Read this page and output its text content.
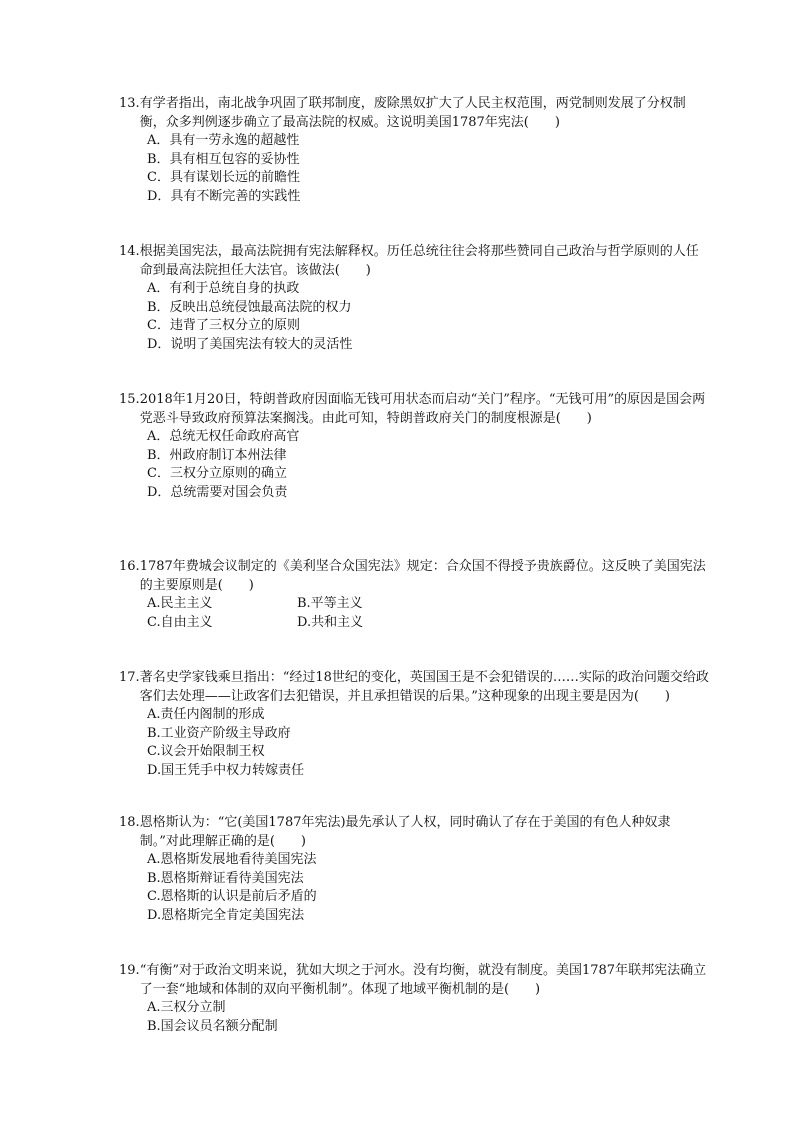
13. 有学者指出，南北战争巩固了联邦制度，废除黑奴扩大了人民主权范围，两党制则发展了分权制衡，众多判例逐步确立了最高法院的权威。这说明美国1787年宪法(　　)
A．具有一劳永逸的超越性
B．具有相互包容的妥协性
C．具有谋划长远的前瞻性
D．具有不断完善的实践性
14. 根据美国宪法，最高法院拥有宪法解释权。历任总统往往会将那些赞同自己政治与哲学原则的人任命到最高法院担任大法官。该做法(　　)
A．有利于总统自身的执政
B．反映出总统侵蚀最高法院的权力
C．违背了三权分立的原则
D．说明了美国宪法有较大的灵活性
15. 2018年1月20日，特朗普政府因面临无钱可用状态而启动“关门”程序。“无钱可用”的原因是国会两党恶斗导致政府预算法案搁浅。由此可知，特朗普政府关门的制度根源是(　　)
A．总统无权任命政府高官
B．州政府制订本州法律
C．三权分立原则的确立
D．总统需要对国会负责
16. 1787年费城会议制定的《美利坚合众国宪法》规定：合众国不得授予贵族爵位。这反映了美国宪法的主要原则是(　　)
A.民主主义	B.平等主义
C.自由主义	D.共和主义
17. 著名史学家钱乘旦指出：“经过18世纪的变化，英国国王是不会犯错误的……实际的政治问题交给政客们去处理——让政客们去犯错误，并且承担错误的后果。”这种现象的出现主要是因为(　　)
A.责任内阁制的形成
B.工业资产阶级主导政府
C.议会开始限制王权
D.国王凭手中权力转嫁责任
18. 恩格斯认为：“它(美国1787年宪法)最先承认了人权，同时确认了存在于美国的有色人种奴隶制。”对此理解正确的是(　　)
A.恩格斯发展地看待美国宪法
B.恩格斯辩证看待美国宪法
C.恩格斯的认识是前后矛盾的
D.恩格斯完全肯定美国宪法
19. “有衡”对于政治文明来说，犹如大坝之于河水。没有均衡，就没有制度。美国1787年联邦宪法确立了一套“地域和体制的双向平衡机制”。体现了地域平衡机制的是(　　)
A.三权分立制
B.国会议员名额分配制
